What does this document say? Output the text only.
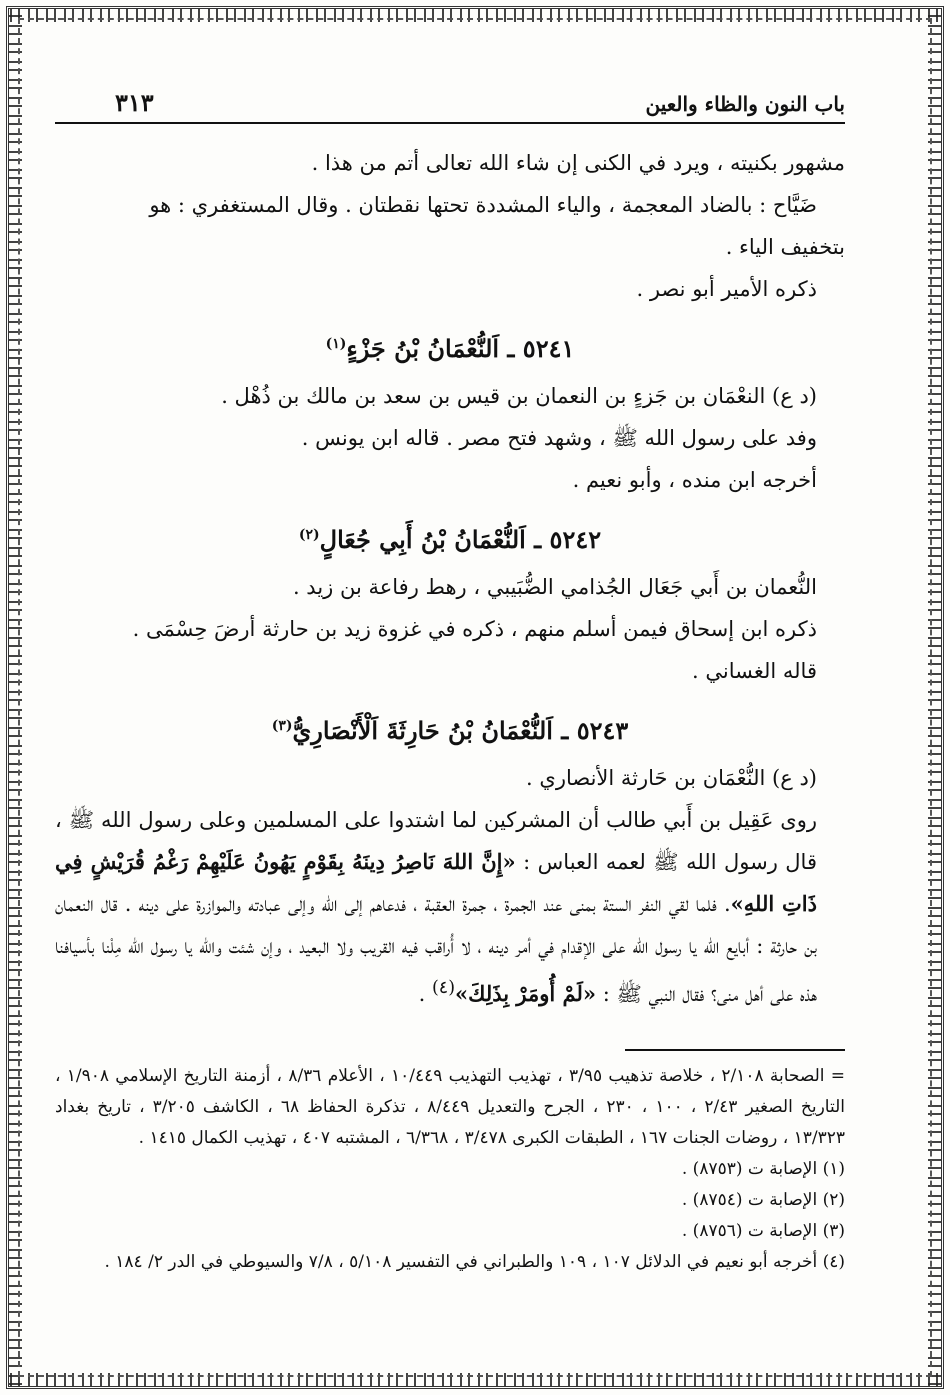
باب النون والظاء والعين
٣١٣

مشهور بكنيته ، ويرد في الكنى إن شاء الله تعالى أتم من هذا .

ضَيَّاح : بالضاد المعجمة ، والياء المشددة تحتها نقطتان . وقال المستغفري : هو

بتخفيف الياء .

ذكره الأمير أبو نصر .

٥٢٤١ ـ اَلنُّعْمَانُ بْنُ جَزْءٍ$^{(١)}$

(د ع) النعْمَان بن جَزءٍ بن النعمان بن قيس بن سعد بن مالك بن ذُهْل .

وفد على رسول الله ﷺ ، وشهد فتح مصر . قاله ابن يونس .

أخرجه ابن منده ، وأبو نعيم .

٥٢٤٢ ـ اَلنُّعْمَانُ بْنُ أَبِي جُعَالٍ$^{(٢)}$

النُّعمان بن أَبي جَعَال الجُذامي الضُّبَيبي ، رهط رفاعة بن زيد .

ذكره ابن إسحاق فيمن أسلم منهم ، ذكره في غزوة زيد بن حارثة أرضَ حِسْمَى .

قاله الغساني .

٥٢٤٣ ـ اَلنُّعْمَانُ بْنُ حَارِثَةَ اَلْأَنْصَارِيُّ$^{(٣)}$

(د ع) النُّعْمَان بن حَارثة الأنصاري .

روى عَقِيل بن أَبي طالب أن المشركين لما اشتدوا على المسلمين وعلى رسول الله ﷺ ، قال رسول الله ﷺ لعمه العباس : «إِنَّ اللهَ نَاصِرُ دِينَهُ بِقَوْمٍ يَهُونُ عَلَيْهِمْ رَغْمُ قُرَيْشٍ فِي ذَاتِ اللهِ». فلما لقي النفر الستة بمنى عند الجمرة ، جمرة العقبة ، فدعاهم إلى الله وإلى عبادته والموازرة على دينه . قال النعمان بن حارثة : أبايع الله يا رسول الله على الإقدام في أمر دينه ، لا أُراقب فيه القريب ولا البعيد ، وإن شئت والله يا رسول الله مِلْنا بأسيافنا هذه على أهل منى؟ فقال النبي ﷺ : «لَمْ أُومَرْ بِذَلِكَ»$^{(٤)}$ .

= الصحابة ٢/١٠٨ ، خلاصة تذهيب ٣/٩٥ ، تهذيب التهذيب ١٠/٤٤٩ ، الأعلام ٨/٣٦ ، أزمنة التاريخ الإسلامي ١/٩٠٨ ، التاريخ الصغير ٢/٤٣ ، ١٠٠ ، ٢٣٠ ، الجرح والتعديل ٨/٤٤٩ ، تذكرة الحفاظ ٦٨ ، الكاشف ٣/٢٠٥ ، تاريخ بغداد ١٣/٣٢٣ ، روضات الجنات ١٦٧ ، الطبقات الكبرى ٣/٤٧٨ ، ٦/٣٦٨ ، المشتبه ٤٠٧ ، تهذيب الكمال ١٤١٥ .

(١) الإصابة ت (٨٧٥٣) .

(٢) الإصابة ت (٨٧٥٤) .

(٣) الإصابة ت (٨٧٥٦) .

(٤) أخرجه أبو نعيم في الدلائل ١٠٧ ، ١٠٩ والطبراني في التفسير ٥/١٠٨ ، ٧/٨ والسيوطي في الدر ٢/ ١٨٤ .
